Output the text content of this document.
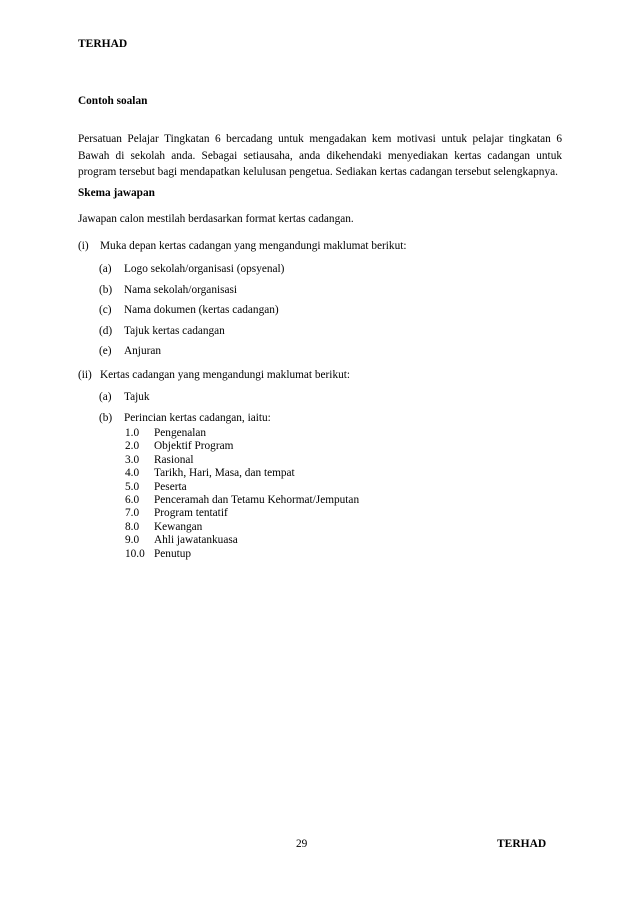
TERHAD
Contoh soalan
Persatuan Pelajar Tingkatan 6 bercadang untuk mengadakan kem motivasi untuk pelajar tingkatan 6 Bawah di sekolah anda. Sebagai setiausaha, anda dikehendaki menyediakan kertas cadangan untuk program tersebut bagi mendapatkan kelulusan pengetua. Sediakan kertas cadangan tersebut selengkapnya.
Skema jawapan
Jawapan calon mestilah berdasarkan format kertas cadangan.
(i) Muka depan kertas cadangan yang mengandungi maklumat berikut:
(a) Logo sekolah/organisasi (opsyenal)
(b) Nama sekolah/organisasi
(c) Nama dokumen (kertas cadangan)
(d) Tajuk kertas cadangan
(e) Anjuran
(ii) Kertas cadangan yang mengandungi maklumat berikut:
(a) Tajuk
(b) Perincian kertas cadangan, iaitu:
1.0 Pengenalan
2.0 Objektif Program
3.0 Rasional
4.0 Tarikh, Hari, Masa, dan tempat
5.0 Peserta
6.0 Penceramah dan Tetamu Kehormat/Jemputan
7.0 Program tentatif
8.0 Kewangan
9.0 Ahli jawatankuasa
10.0 Penutup
29	TERHAD
